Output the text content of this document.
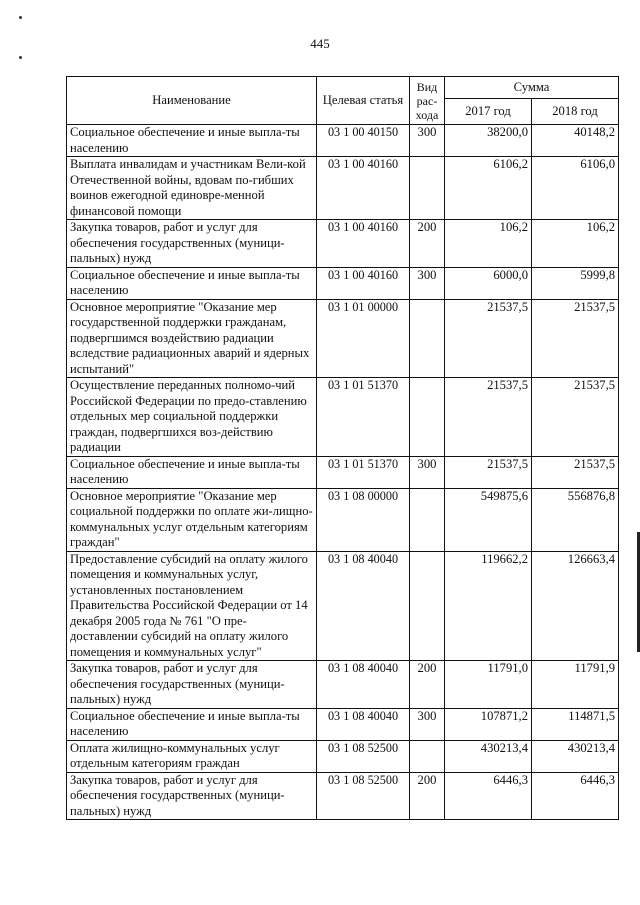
445
Наименование	Целевая статья	Вид рас-хода	Сумма	
			2017 год	2018 год
Социальное обеспечение и иные выпла-ты населению	03 1 00 40150	300	38200,0	40148,2
Выплата инвалидам и участникам Вели-кой Отечественной войны, вдовам по-гибших воинов ежегодной единовре-менной финансовой помощи	03 1 00 40160		6106,2	6106,0
Закупка товаров, работ и услуг для обеспечения государственных (муници-пальных) нужд	03 1 00 40160	200	106,2	106,2
Социальное обеспечение и иные выпла-ты населению	03 1 00 40160	300	6000,0	5999,8
Основное мероприятие "Оказание мер государственной поддержки гражданам, подвергшимся воздействию радиации вследствие радиационных аварий и ядерных испытаний"	03 1 01 00000		21537,5	21537,5
Осуществление переданных полномо-чий Российской Федерации по предо-ставлению отдельных мер социальной поддержки граждан, подвергшихся воз-действию радиации	03 1 01 51370		21537,5	21537,5
Социальное обеспечение и иные выпла-ты населению	03 1 01 51370	300	21537,5	21537,5
Основное мероприятие "Оказание мер социальной поддержки по оплате жи-лищно-коммунальных услуг отдельным категориям граждан"	03 1 08 00000		549875,6	556876,8
Предоставление субсидий на оплату жилого помещения и коммунальных услуг, установленных постановлением Правительства Российской Федерации от 14 декабря 2005 года № 761 "О пре-доставлении субсидий на оплату жилого помещения и коммунальных услуг"	03 1 08 40040		119662,2	126663,4
Закупка товаров, работ и услуг для обеспечения государственных (муници-пальных) нужд	03 1 08 40040	200	11791,0	11791,9
Социальное обеспечение и иные выпла-ты населению	03 1 08 40040	300	107871,2	114871,5
Оплата жилищно-коммунальных услуг отдельным категориям граждан	03 1 08 52500		430213,4	430213,4
Закупка товаров, работ и услуг для обеспечения государственных (муници-пальных) нужд	03 1 08 52500	200	6446,3	6446,3
